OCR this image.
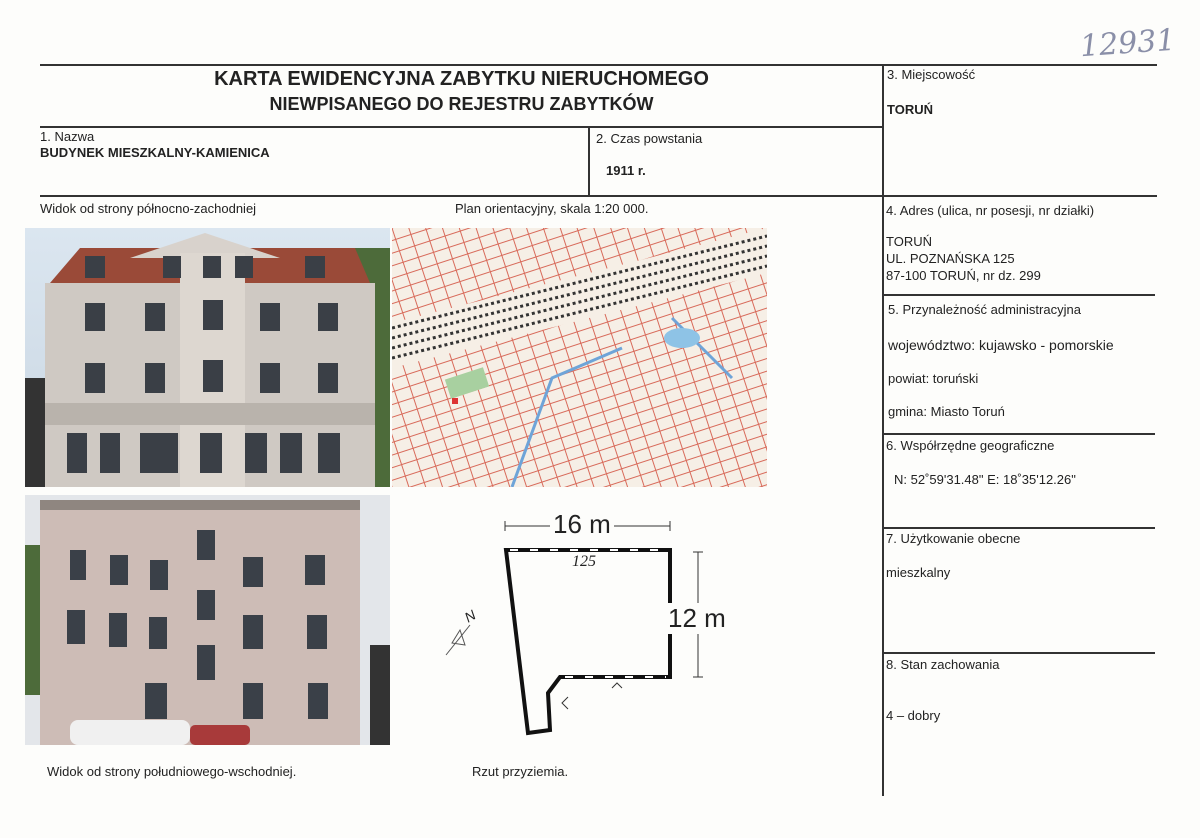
12931
KARTA EWIDENCYJNA ZABYTKU NIERUCHOMEGO
NIEWPISANEGO DO REJESTRU ZABYTKÓW
1. Nazwa
BUDYNEK MIESZKALNY-KAMIENICA
2. Czas powstania
1911 r.
3. Miejscowość
TORUŃ
4. Adres (ulica, nr posesji, nr działki)
TORUŃ
UL. POZNAŃSKA 125
87-100 TORUŃ, nr dz. 299
5. Przynależność administracyjna
województwo: kujawsko - pomorskie
powiat: toruński
gmina: Miasto Toruń
6. Współrzędne geograficzne
N: 52˚59'31.48" E: 18˚35'12.26"
7. Użytkowanie obecne
mieszkalny
8. Stan zachowania
4 – dobry
Widok od strony północno-zachodniej	Plan orientacyjny, skala 1:20 000.
16 m
12 m
125
N
Widok od strony południowego-wschodniej.	Rzut przyziemia.
